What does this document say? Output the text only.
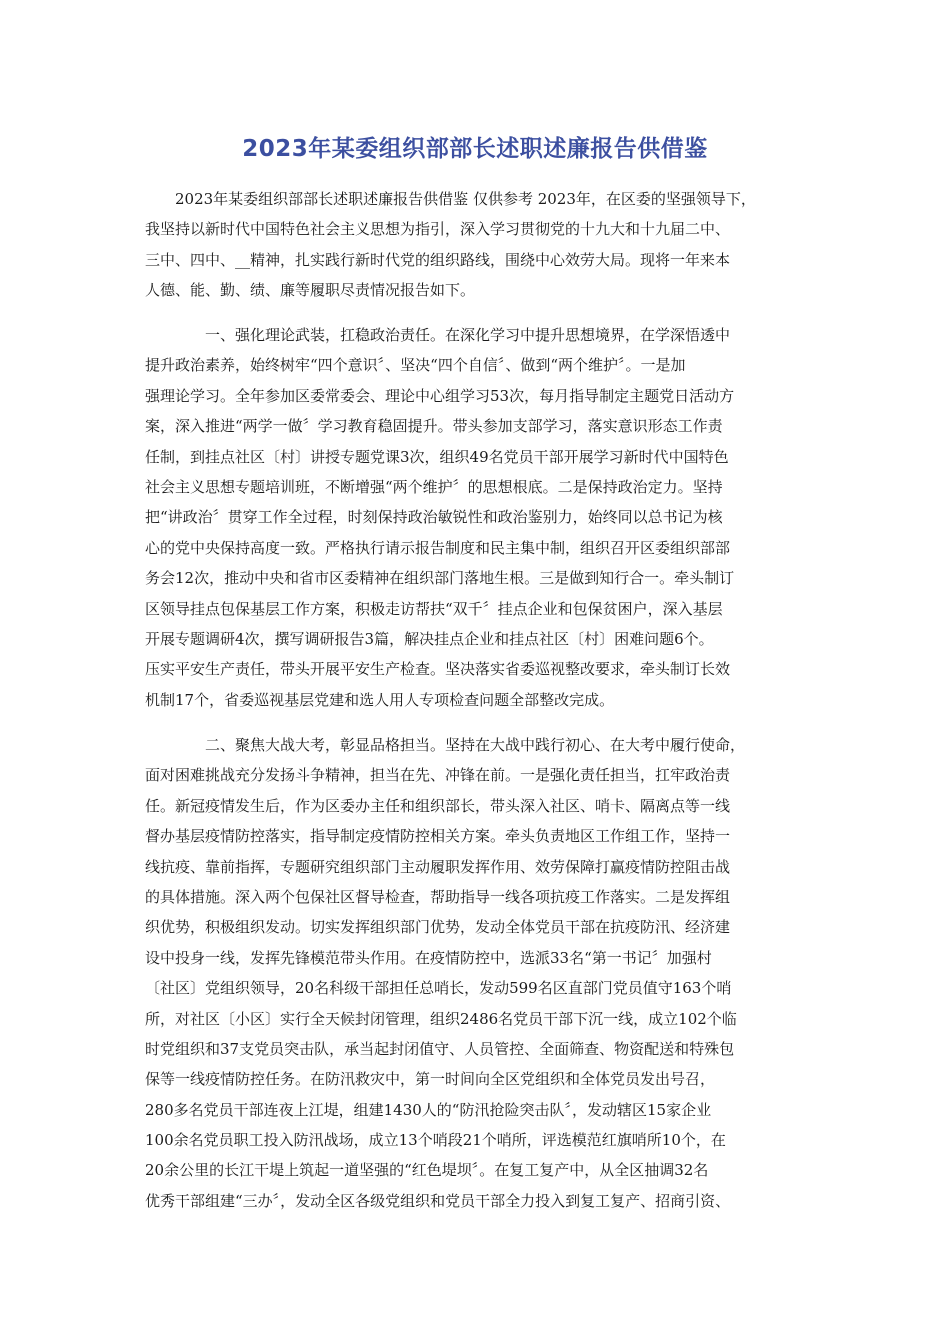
2023年某委组织部部长述职述廉报告供借鉴
　　2023年某委组织部部长述职述廉报告供借鉴 仅供参考 2023年，在区委的坚强领导下，
我坚持以新时代中国特色社会主义思想为指引，深入学习贯彻党的十九大和十九届二中、
三中、四中、__精神，扎实践行新时代党的组织路线，围绕中心效劳大局。现将一年来本
人德、能、勤、绩、廉等履职尽责情况报告如下。
　　　　一、强化理论武装，扛稳政治责任。在深化学习中提升思想境界，在学深悟透中
提升政治素养，始终树牢“四个意识〞、坚决“四个自信〞、做到“两个维护〞。一是加
强理论学习。全年参加区委常委会、理论中心组学习53次，每月指导制定主题党日活动方
案，深入推进“两学一做〞学习教育稳固提升。带头参加支部学习，落实意识形态工作责
任制，到挂点社区〔村〕讲授专题党课3次，组织49名党员干部开展学习新时代中国特色
社会主义思想专题培训班，不断增强“两个维护〞的思想根底。二是保持政治定力。坚持
把“讲政治〞贯穿工作全过程，时刻保持政治敏锐性和政治鉴别力，始终同以总书记为核
心的党中央保持高度一致。严格执行请示报告制度和民主集中制，组织召开区委组织部部
务会12次，推动中央和省市区委精神在组织部门落地生根。三是做到知行合一。牵头制订
区领导挂点包保基层工作方案，积极走访帮扶“双千〞挂点企业和包保贫困户，深入基层
开展专题调研4次，撰写调研报告3篇，解决挂点企业和挂点社区〔村〕困难问题6个。
压实平安生产责任，带头开展平安生产检查。坚决落实省委巡视整改要求，牵头制订长效
机制17个，省委巡视基层党建和选人用人专项检查问题全部整改完成。
　　　　二、聚焦大战大考，彰显品格担当。坚持在大战中践行初心、在大考中履行使命，
面对困难挑战充分发扬斗争精神，担当在先、冲锋在前。一是强化责任担当，扛牢政治责
任。新冠疫情发生后，作为区委办主任和组织部长，带头深入社区、哨卡、隔离点等一线
督办基层疫情防控落实，指导制定疫情防控相关方案。牵头负责地区工作组工作，坚持一
线抗疫、靠前指挥，专题研究组织部门主动履职发挥作用、效劳保障打赢疫情防控阻击战
的具体措施。深入两个包保社区督导检查，帮助指导一线各项抗疫工作落实。二是发挥组
织优势，积极组织发动。切实发挥组织部门优势，发动全体党员干部在抗疫防汛、经济建
设中投身一线，发挥先锋模范带头作用。在疫情防控中，选派33名“第一书记〞加强村
〔社区〕党组织领导，20名科级干部担任总哨长，发动599名区直部门党员值守163个哨
所，对社区〔小区〕实行全天候封闭管理，组织2486名党员干部下沉一线，成立102个临
时党组织和37支党员突击队，承当起封闭值守、人员管控、全面筛查、物资配送和特殊包
保等一线疫情防控任务。在防汛救灾中，第一时间向全区党组织和全体党员发出号召，
280多名党员干部连夜上江堤，组建1430人的“防汛抢险突击队〞，发动辖区15家企业
100余名党员职工投入防汛战场，成立13个哨段21个哨所，评选模范红旗哨所10个，在
20余公里的长江干堤上筑起一道坚强的“红色堤坝〞。在复工复产中，从全区抽调32名
优秀干部组建“三办〞，发动全区各级党组织和党员干部全力投入到复工复产、招商引资、
